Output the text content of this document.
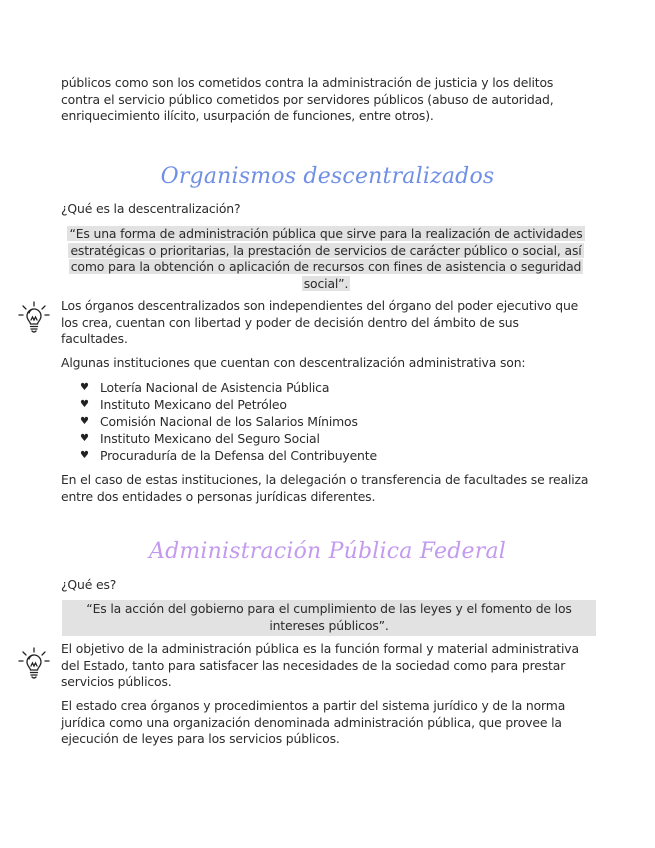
públicos como son los cometidos contra la administración de justicia y los delitos contra el servicio público cometidos por servidores públicos (abuso de autoridad, enriquecimiento ilícito, usurpación de funciones, entre otros).

Organismos descentralizados

¿Qué es la descentralización?

“Es una forma de administración pública que sirve para la realización de actividades estratégicas o prioritarias, la prestación de servicios de carácter público o social, así como para la obtención o aplicación de recursos con fines de asistencia o seguridad social”.

Los órganos descentralizados son independientes del órgano del poder ejecutivo que los crea, cuentan con libertad y poder de decisión dentro del ámbito de sus facultades.

Algunas instituciones que cuentan con descentralización administrativa son:

♥ Lotería Nacional de Asistencia Pública
♥ Instituto Mexicano del Petróleo
♥ Comisión Nacional de los Salarios Mínimos
♥ Instituto Mexicano del Seguro Social
♥ Procuraduría de la Defensa del Contribuyente

En el caso de estas instituciones, la delegación o transferencia de facultades se realiza entre dos entidades o personas jurídicas diferentes.

Administración Pública Federal

¿Qué es?

“Es la acción del gobierno para el cumplimiento de las leyes y el fomento de los intereses públicos”.

El objetivo de la administración pública es la función formal y material administrativa del Estado, tanto para satisfacer las necesidades de la sociedad como para prestar servicios públicos.

El estado crea órganos y procedimientos a partir del sistema jurídico y de la norma jurídica como una organización denominada administración pública, que provee la ejecución de leyes para los servicios públicos.
